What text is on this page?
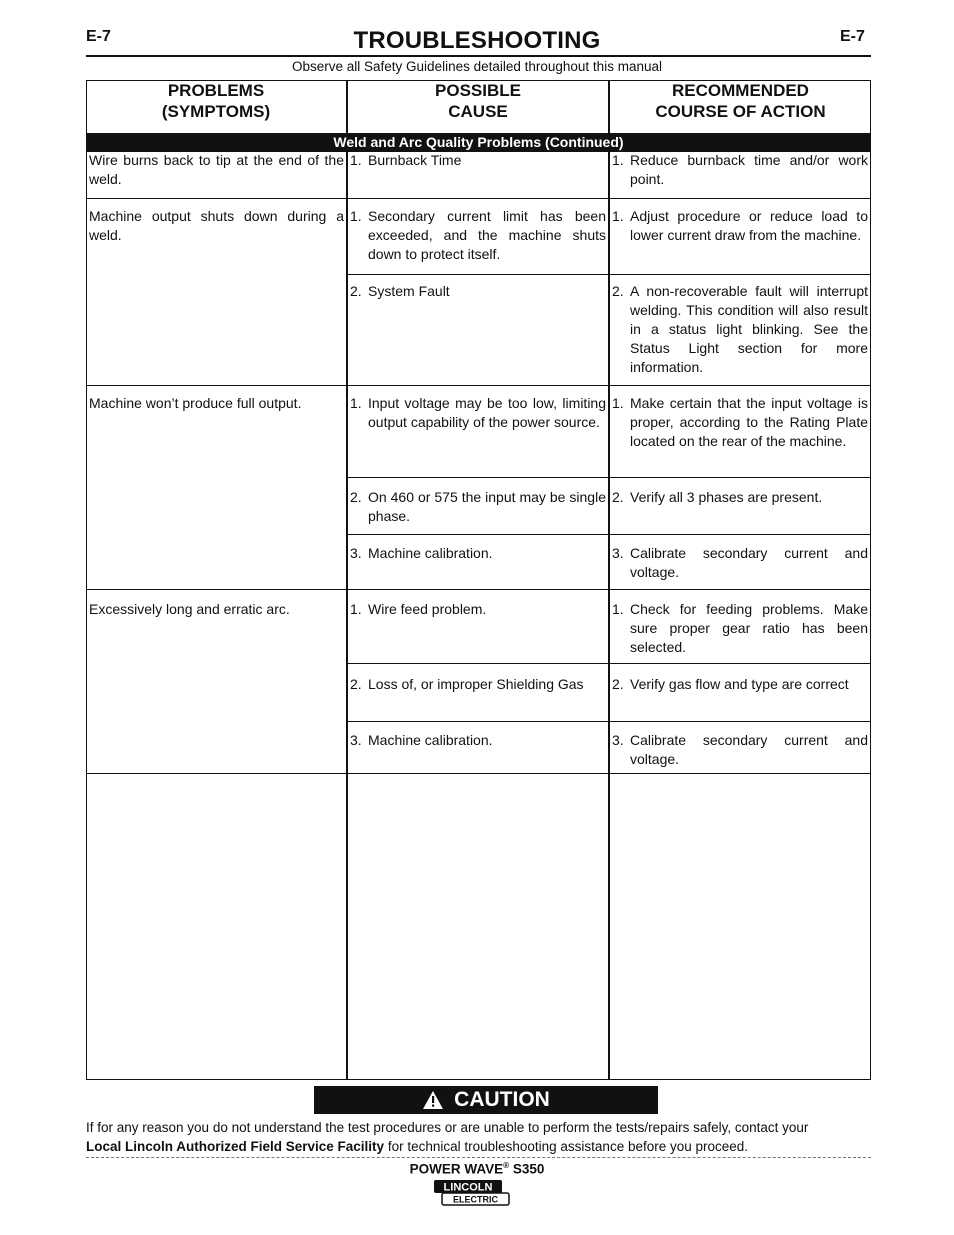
E-7	E-7
TROUBLESHOOTING
Observe all Safety Guidelines detailed throughout this manual
PROBLEMS
(SYMPTOMS)
POSSIBLE
CAUSE
RECOMMENDED
COURSE OF ACTION
Weld and Arc Quality Problems (Continued)
Wire burns back to tip at the end of the weld.
Machine output shuts down during a weld.
Machine won’t produce full output.
Excessively long and erratic arc.
1. Burnback Time
1. Secondary current limit has been exceeded, and the machine shuts down to protect itself.
2. System Fault
1. Input voltage may be too low, limiting output capability of the power source.
2. On 460 or 575 the input may be single phase.
3. Machine calibration.
1. Wire feed problem.
2. Loss of, or improper Shielding Gas
3. Machine calibration.
1. Reduce burnback time and/or work point.
1. Adjust procedure or reduce load to lower current draw from the machine.
2. A non-recoverable fault will interrupt welding. This condition will also result in a status light blinking. See the Status Light section for more information.
1. Make certain that the input voltage is proper, according to the Rating Plate located on the rear of the machine.
2. Verify all 3 phases are present.
3. Calibrate secondary current and voltage.
1. Check for feeding problems. Make sure proper gear ratio has been selected.
2. Verify gas flow and type are correct
3. Calibrate secondary current and voltage.
CAUTION
If for any reason you do not understand the test procedures or are unable to perform the tests/repairs safely, contact your
Local Lincoln Authorized Field Service Facility for technical troubleshooting assistance before you proceed.
POWER WAVE® S350
LINCOLN
ELECTRIC
